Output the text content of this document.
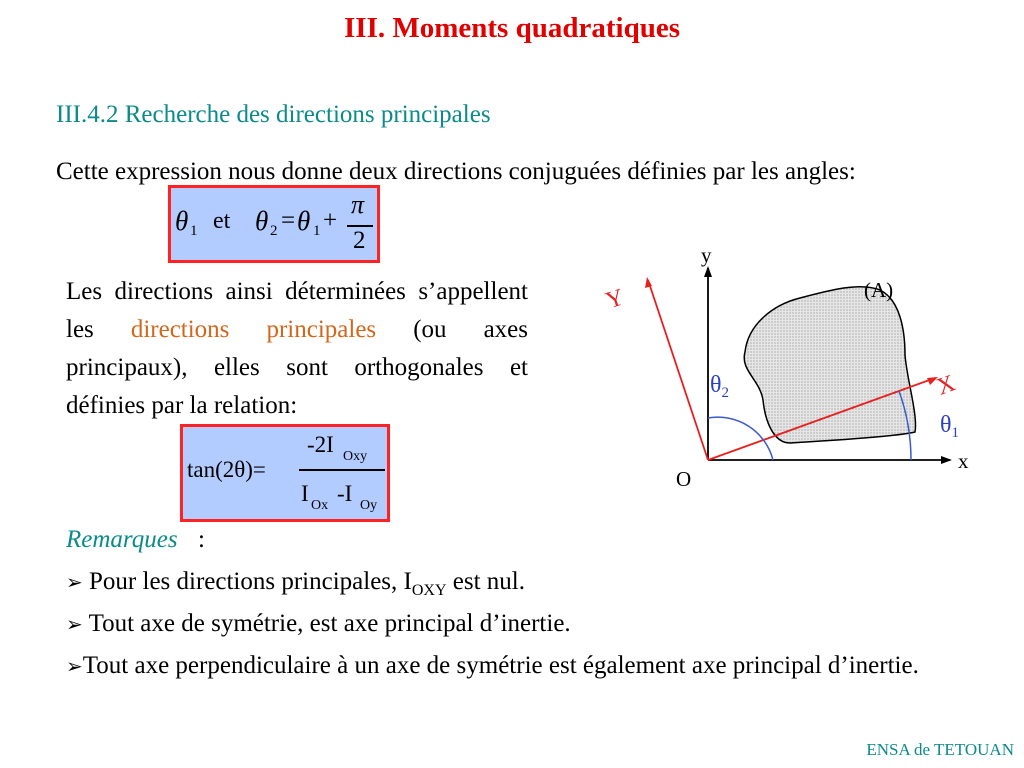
III. Moments quadratiques
III.4.2 Recherche des directions principales
Cette expression nous donne deux directions conjuguées définies par les angles:
θ 1 et θ 2 = θ 1 +
π
2
Les directions ainsi déterminées s’appellent les directions principales (ou axes principaux), elles sont orthogonales et définies par la relation:
tan(2θ)=
-2I Oxy
I Ox -I Oy
y
x
O
(A)
Y
X
$\theta_2$
$\theta_1$
Remarques :
➢ Pour les directions principales, $I_{OXY}$ est nul.
➢ Tout axe de symétrie, est axe principal d’inertie.
➢Tout axe perpendiculaire à un axe de symétrie est également axe principal d’inertie.
ENSA de TETOUAN
